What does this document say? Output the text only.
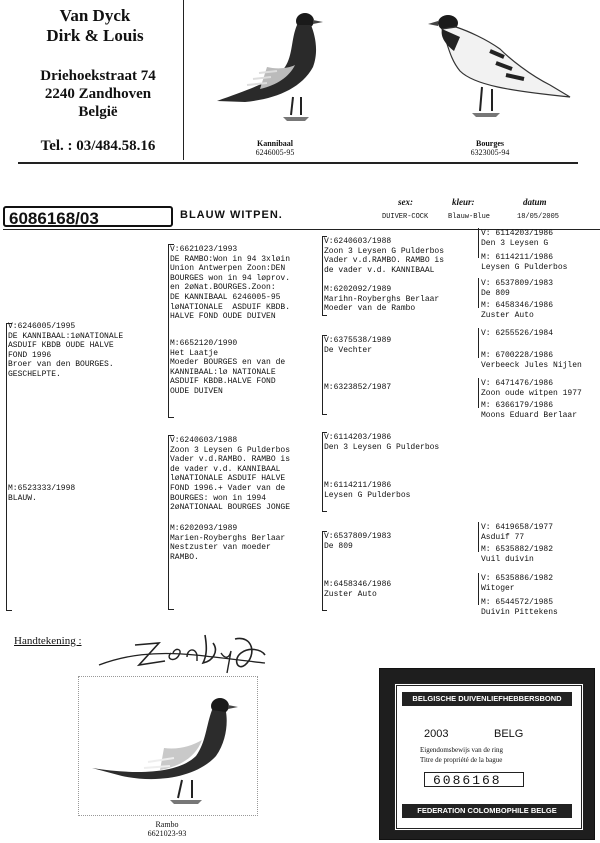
Van Dyck
Dirk & Louis
Driehoekstraat 74
2240 Zandhoven
België
Tel. : 03/484.58.16	Kannibaal
6246005-95
Bourges
6323005-94
6086168/03	BLAUW WITPEN.
sex:
DUIVER-COCK
kleur:
Blauw-Blue
datum
18/05/2005
V:6246005/1995
DE KANNIBAAL:1øNATIONALE
ASDUIF KBDB OUDE HALVE
FOND 1996
Broer van den BOURGES.
GESCHELPTE.
M:6523333/1998
BLAUW.
V:6621023/1993
DE RAMBO:Won in 94 3xløin
Union Antwerpen Zoon:DEN
BOURGES won in 94 løprov.
en 2øNat.BOURGES.Zoon:
DE KANNIBAAL 6246005-95
løNATIONALE  ASDUIF KBDB.
HALVE FOND OUDE DUIVEN
M:6652120/1990
Het Laatje
Moeder BOURGES en van de
KANNIBAAL:lø NATIONALE
ASDUIF KBDB.HALVE FOND
OUDE DUIVEN
V:6240603/1988
Zoon 3 Leysen G Pulderbos
Vader v.d.RAMBO. RAMBO is
de vader v.d. KANNIBAAL
løNATIONALE ASDUIF HALVE
FOND 1996.+ Vader van de
BOURGES: won in 1994
2øNATIONAAL BOURGES JONGE
M:6202093/1989
Marien-Royberghs Berlaar
Nestzuster van moeder
RAMBO.
V:6240603/1988
Zoon 3 Leysen G Pulderbos
Vader v.d.RAMBO. RAMBO is
de vader v.d. KANNIBAAL
M:6202092/1989
Marihn-Royberghs Berlaar
Moeder van de Rambo
V:6375538/1989
De Vechter
M:6323852/1987
V:6114203/1986
Den 3 Leysen G Pulderbos
M:6114211/1986
Leysen G Pulderbos
V:6537809/1983
De 809
M:6458346/1986
Zuster Auto
V: 6114203/1986
Den 3 Leysen G
M: 6114211/1986
Leysen G Pulderbos
V: 6537809/1983
De 809
M: 6458346/1986
Zuster Auto
V: 6255526/1984
M: 6700228/1986
Verbeeck Jules Nijlen
V: 6471476/1986
Zoon oude witpen 1977
M: 6366179/1986
Moons Eduard Berlaar
V: 6419658/1977
Asduif 77
M: 6535882/1982
Vuil duivin
V: 6535886/1982
Witoger
M: 6544572/1985
Duivin Pittekens
Handtekening :
Rambo
6621023-93
BELGISCHE DUIVENLIEFHEBBERSBOND
2003	BELG
Eigendomsbewijs van de ring
Titre de propriété de la bague
6086168
FEDERATION COLOMBOPHILE BELGE
